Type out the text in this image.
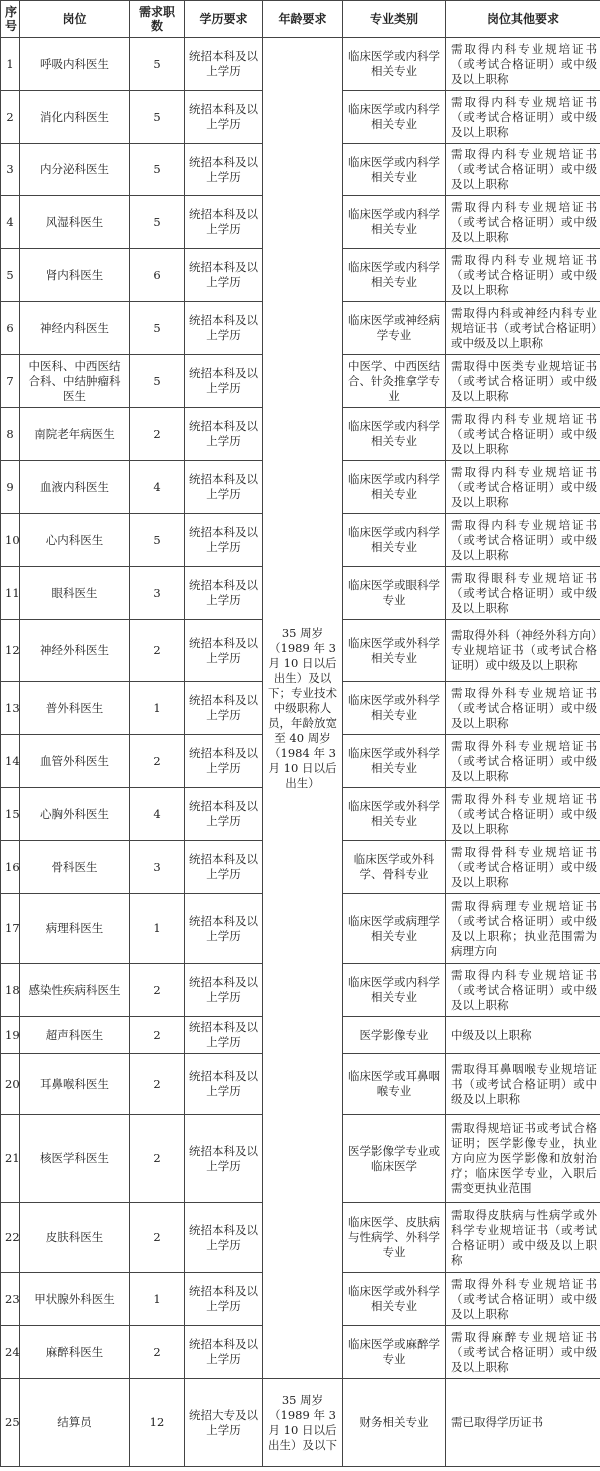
序号	岗位	需求职数	学历要求	年龄要求	专业类别	岗位其他要求
1	呼吸内科医生	5	统招本科及以上学历	35 周岁（1989 年 3 月 10 日以后出生）及以下；专业技术中级职称人员，年龄放宽至 40 周岁（1984 年 3 月 10 日以后出生）	临床医学或内科学相关专业	需取得内科专业规培证书（或考试合格证明）或中级及以上职称
2	消化内科医生	5	统招本科及以上学历		临床医学或内科学相关专业	需取得内科专业规培证书（或考试合格证明）或中级及以上职称
3	内分泌科医生	5	统招本科及以上学历		临床医学或内科学相关专业	需取得内科专业规培证书（或考试合格证明）或中级及以上职称
4	风湿科医生	5	统招本科及以上学历		临床医学或内科学相关专业	需取得内科专业规培证书（或考试合格证明）或中级及以上职称
5	肾内科医生	6	统招本科及以上学历		临床医学或内科学相关专业	需取得内科专业规培证书（或考试合格证明）或中级及以上职称
6	神经内科医生	5	统招本科及以上学历		临床医学或神经病学专业	需取得内科或神经内科专业规培证书（或考试合格证明）或中级及以上职称
7	中医科、中西医结合科、中结肿瘤科医生	5	统招本科及以上学历		中医学、中西医结合、针灸推拿学专业	需取得中医类专业规培证书（或考试合格证明）或中级及以上职称
8	南院老年病医生	2	统招本科及以上学历		临床医学或内科学相关专业	需取得内科专业规培证书（或考试合格证明）或中级及以上职称
9	血液内科医生	4	统招本科及以上学历		临床医学或内科学相关专业	需取得内科专业规培证书（或考试合格证明）或中级及以上职称
10	心内科医生	5	统招本科及以上学历		临床医学或内科学相关专业	需取得内科专业规培证书（或考试合格证明）或中级及以上职称
11	眼科医生	3	统招本科及以上学历		临床医学或眼科学专业	需取得眼科专业规培证书（或考试合格证明）或中级及以上职称
12	神经外科医生	2	统招本科及以上学历		临床医学或外科学相关专业	需取得外科（神经外科方向）专业规培证书（或考试合格证明）或中级及以上职称
13	普外科医生	1	统招本科及以上学历		临床医学或外科学相关专业	需取得外科专业规培证书（或考试合格证明）或中级及以上职称
14	血管外科医生	2	统招本科及以上学历		临床医学或外科学相关专业	需取得外科专业规培证书（或考试合格证明）或中级及以上职称
15	心胸外科医生	4	统招本科及以上学历		临床医学或外科学相关专业	需取得外科专业规培证书（或考试合格证明）或中级及以上职称
16	骨科医生	3	统招本科及以上学历		临床医学或外科学、骨科专业	需取得骨科专业规培证书（或考试合格证明）或中级及以上职称
17	病理科医生	1	统招本科及以上学历		临床医学或病理学相关专业	需取得病理专业规培证书（或考试合格证明）或中级及以上职称；执业范围需为病理方向
18	感染性疾病科医生	2	统招本科及以上学历		临床医学或内科学相关专业	需取得内科专业规培证书（或考试合格证明）或中级及以上职称
19	超声科医生	2	统招本科及以上学历		医学影像专业	中级及以上职称
20	耳鼻喉科医生	2	统招本科及以上学历		临床医学或耳鼻咽喉专业	需取得耳鼻咽喉专业规培证书（或考试合格证明）或中级及以上职称
21	核医学科医生	2	统招本科及以上学历		医学影像学专业或临床医学	需取得规培证书或考试合格证明；医学影像专业，执业方向应为医学影像和放射治疗；临床医学专业，入职后需变更执业范围
22	皮肤科医生	2	统招本科及以上学历		临床医学、皮肤病与性病学、外科学专业	需取得皮肤病与性病学或外科学专业规培证书（或考试合格证明）或中级及以上职称
23	甲状腺外科医生	1	统招本科及以上学历		临床医学或外科学相关专业	需取得外科专业规培证书（或考试合格证明）或中级及以上职称
24	麻醉科医生	2	统招本科及以上学历		临床医学或麻醉学专业	需取得麻醉专业规培证书（或考试合格证明）或中级及以上职称
25	结算员	12	统招大专及以上学历	35 周岁（1989 年 3 月 10 日以后出生）及以下	财务相关专业	需已取得学历证书
